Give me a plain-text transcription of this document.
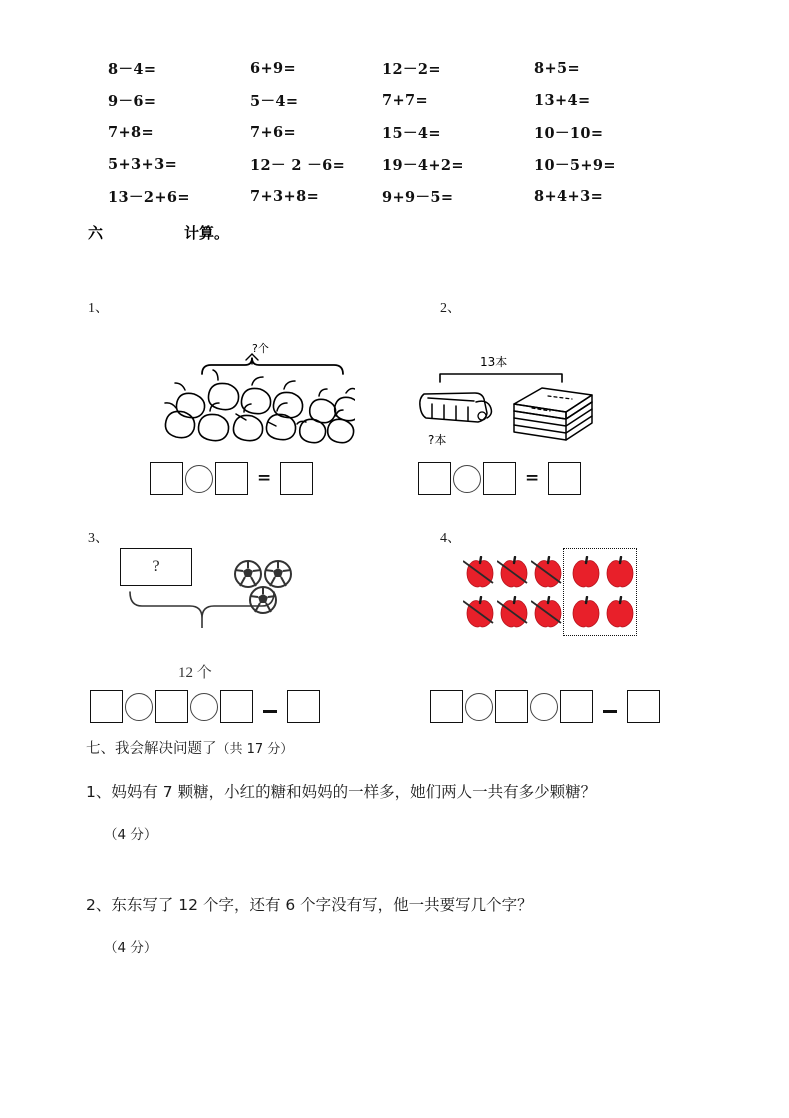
8－4=	6+9=	12－2=	8+5=
9－6=	5－4=	7+7=	13+4=
7+8=	7+6=	15－4=	10－10=
5+3+3=	12－ 2 －6=	19－4+2=	10－5+9=
13－2+6=	7+3+8=	9+9－5=	8+4+3=
六	计算。
1、	2、
3、	4、
?个
13本
?本
=	=
?
12 个
七、我会解决问题了（共 17 分）
1、妈妈有 7 颗糖，小红的糖和妈妈的一样多，她们两人一共有多少颗糖？
（4 分）
2、东东写了 12 个字，还有 6 个字没有写，他一共要写几个字？
（4 分）
